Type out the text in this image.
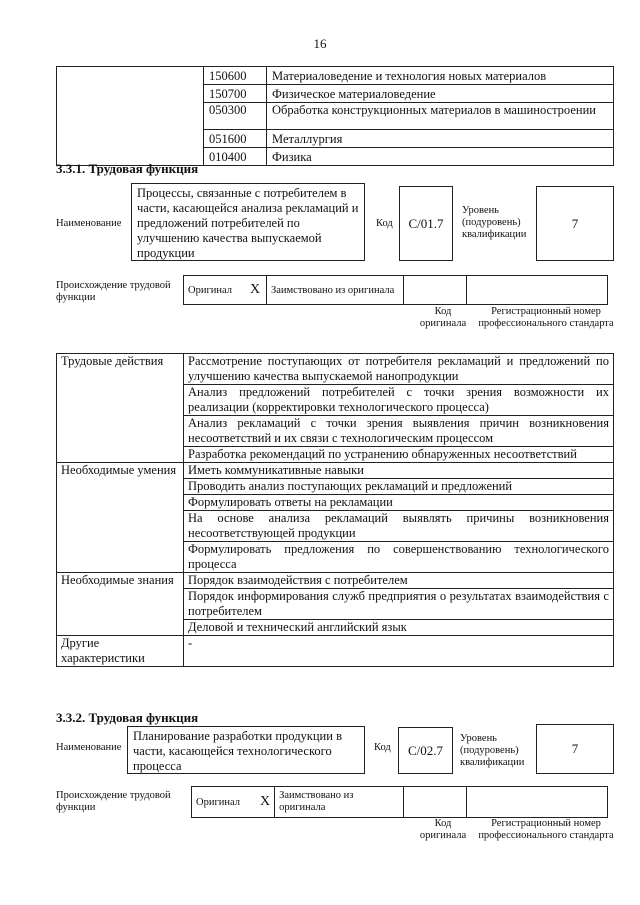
16
	150600	Материаловедение и технология новых материалов
	150700	Физическое материаловедение
	050300	Обработка конструкционных материалов в машиностроении
	051600	Металлургия
	010400	Физика
3.3.1. Трудовая функция
Наименование
Процессы, связанные с потребителем в части, касающейся анализа рекламаций и предложений потребителей по улучшению качества выпускаемой продукции
Код	C/01.7
Уровень (подуровень) квалификации
7
Происхождение трудовой функции
Оригинал	X	Заимствовано из оригинала		
Код оригинала
Регистрационный номер профессионального стандарта
Трудовые действия	Рассмотрение поступающих от потребителя рекламаций и предложений по улучшению качества выпускаемой нанопродукции
	Анализ предложений потребителей с точки зрения возможности их реализации (корректировки технологического процесса)
	Анализ рекламаций с точки зрения выявления причин возникновения несоответствий и их связи с технологическим процессом
	Разработка рекомендаций по устранению обнаруженных несоответствий
Необходимые умения	Иметь коммуникативные навыки
	Проводить анализ поступающих рекламаций и предложений
	Формулировать ответы на рекламации
	На основе анализа рекламаций выявлять причины возникновения несоответствующей продукции
	Формулировать предложения по совершенствованию технологического процесса
Необходимые знания	Порядок взаимодействия с потребителем
	Порядок информирования служб предприятия о результатах взаимодействия с потребителем
	Деловой и технический английский язык
Другие характеристики	-
3.3.2. Трудовая функция
Наименование
Планирование разработки продукции в части, касающейся технологического процесса
Код	C/02.7
Уровень (подуровень) квалификации
7
Происхождение трудовой функции	Оригинал	X	Заимствовано из оригинала		
Код оригинала
Регистрационный номер профессионального стандарта
